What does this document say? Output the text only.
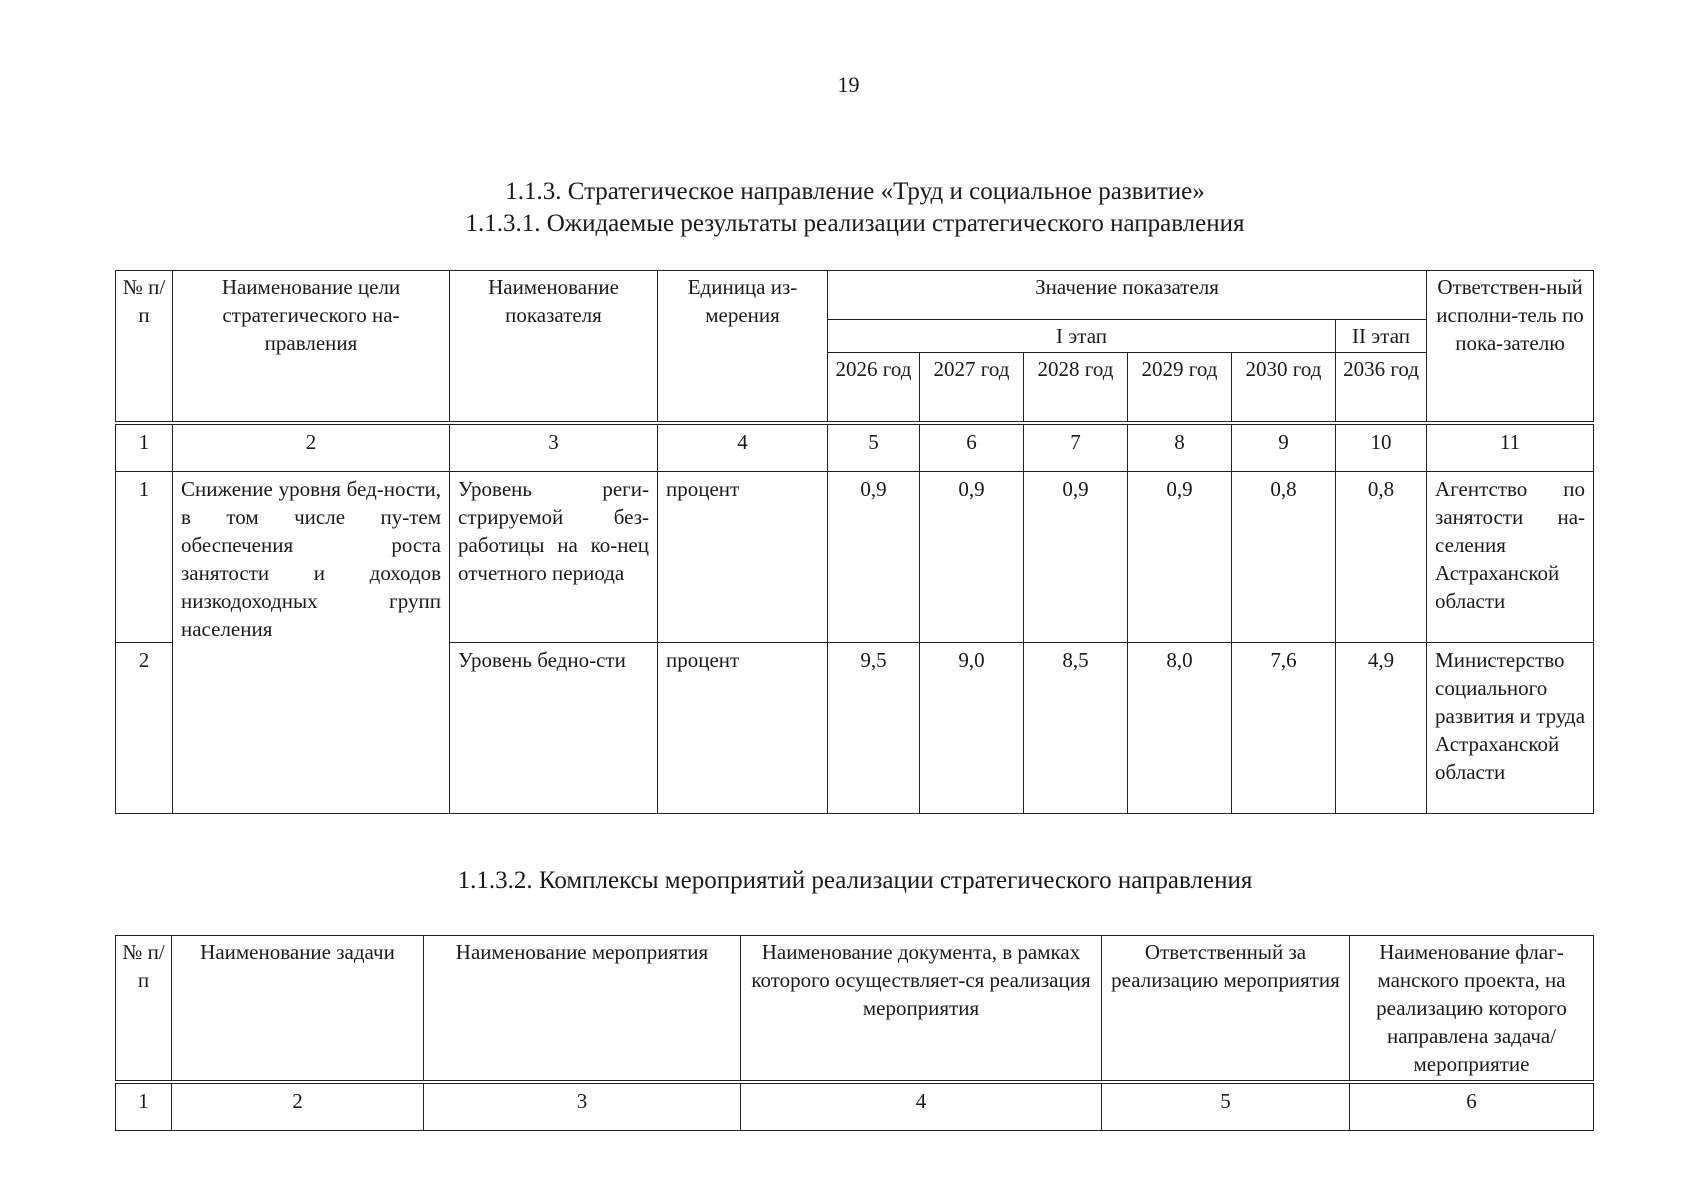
19
1.1.3. Стратегическое направление «Труд и социальное развитие»
1.1.3.1. Ожидаемые результаты реализации стратегического направления
№ п/п	Наименование цели стратегического на-правления	Наименование показателя	Единица из-мерения	Значение показателя						Ответствен-ный исполни-тель по пока-зателю
				I этап					II этап	
				2026 год	2027 год	2028 год	2029 год	2030 год	2036 год	
1	2	3	4	5	6	7	8	9	10	11
1	Снижение уровня бед-ности, в том числе пу-тем обеспечения роста занятости и доходов низкодоходных групп населения	Уровень реги-стрируемой без-работицы на ко-нец отчетного периода	процент	0,9	0,9	0,9	0,9	0,8	0,8	Агентство по занятости на-селения Астраханской области
2		Уровень бедно-сти	процент	9,5	9,0	8,5	8,0	7,6	4,9	Министерство социального развития и труда Астраханской области
1.1.3.2. Комплексы мероприятий реализации стратегического направления
№ п/п	Наименование задачи	Наименование мероприятия	Наименование документа, в рамках которого осуществляет-ся реализация мероприятия	Ответственный за реализацию мероприятия	Наименование флаг-манского проекта, на реализацию которого направлена задача/мероприятие
1	2	3	4	5	6
